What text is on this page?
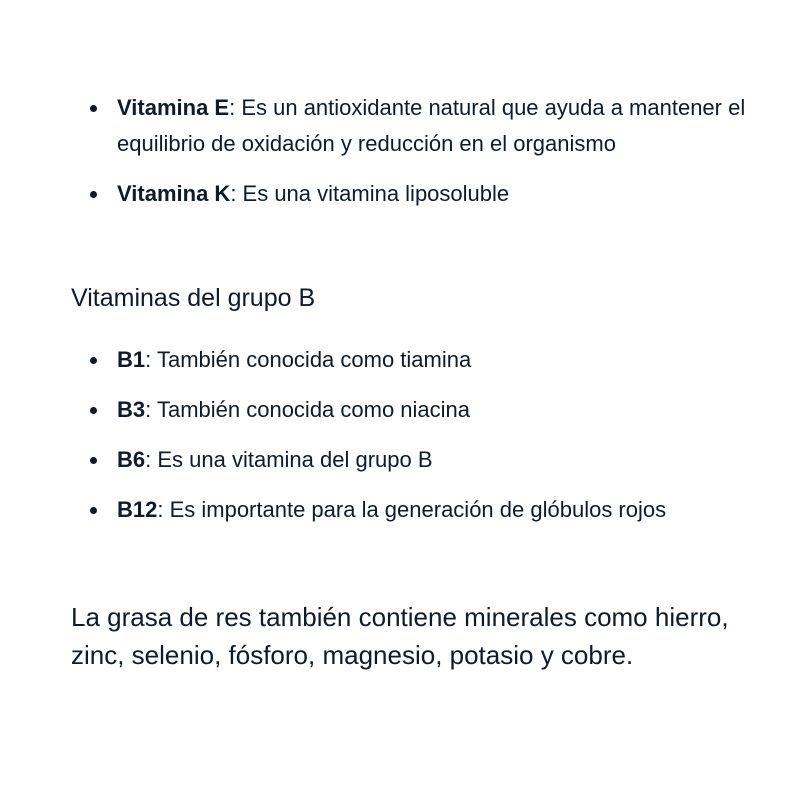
Vitamina E: Es un antioxidante natural que ayuda a mantener el equilibrio de oxidación y reducción en el organismo
Vitamina K: Es una vitamina liposoluble
Vitaminas del grupo B
B1: También conocida como tiamina
B3: También conocida como niacina
B6: Es una vitamina del grupo B
B12: Es importante para la generación de glóbulos rojos

La grasa de res también contiene minerales como hierro, zinc, selenio, fósforo, magnesio, potasio y cobre.
